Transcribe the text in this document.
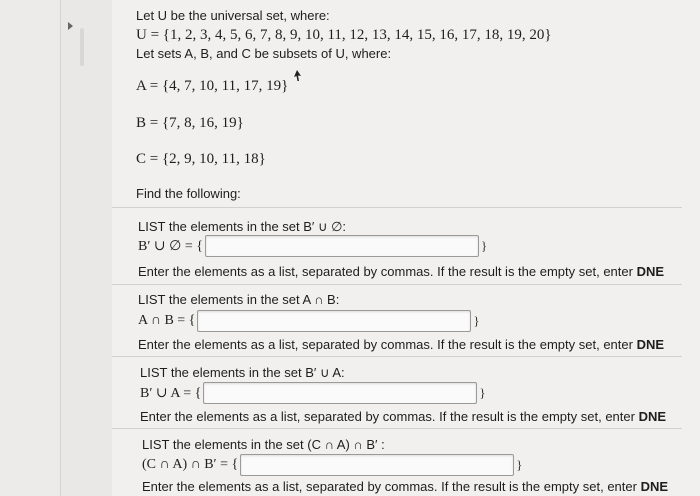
Let U be the universal set, where:
U = {1, 2, 3, 4, 5, 6, 7, 8, 9, 10, 11, 12, 13, 14, 15, 16, 17, 18, 19, 20}
Let sets A, B, and C be subsets of U, where:
A = {4, 7, 10, 11, 17, 19}
B = {7, 8, 16, 19}
C = {2, 9, 10, 11, 18}
Find the following:
LIST the elements in the set B′ ∪ ∅:
B′ ∪ ∅ = {	}
Enter the elements as a list, separated by commas. If the result is the empty set, enter DNE
LIST the elements in the set A ∩ B:
A ∩ B = {	}
Enter the elements as a list, separated by commas. If the result is the empty set, enter DNE
LIST the elements in the set B′ ∪ A:
B′ ∪ A = {	}
Enter the elements as a list, separated by commas. If the result is the empty set, enter DNE
LIST the elements in the set (C ∩ A) ∩ B′ :
(C ∩ A) ∩ B′ = {	}
Enter the elements as a list, separated by commas. If the result is the empty set, enter DNE
